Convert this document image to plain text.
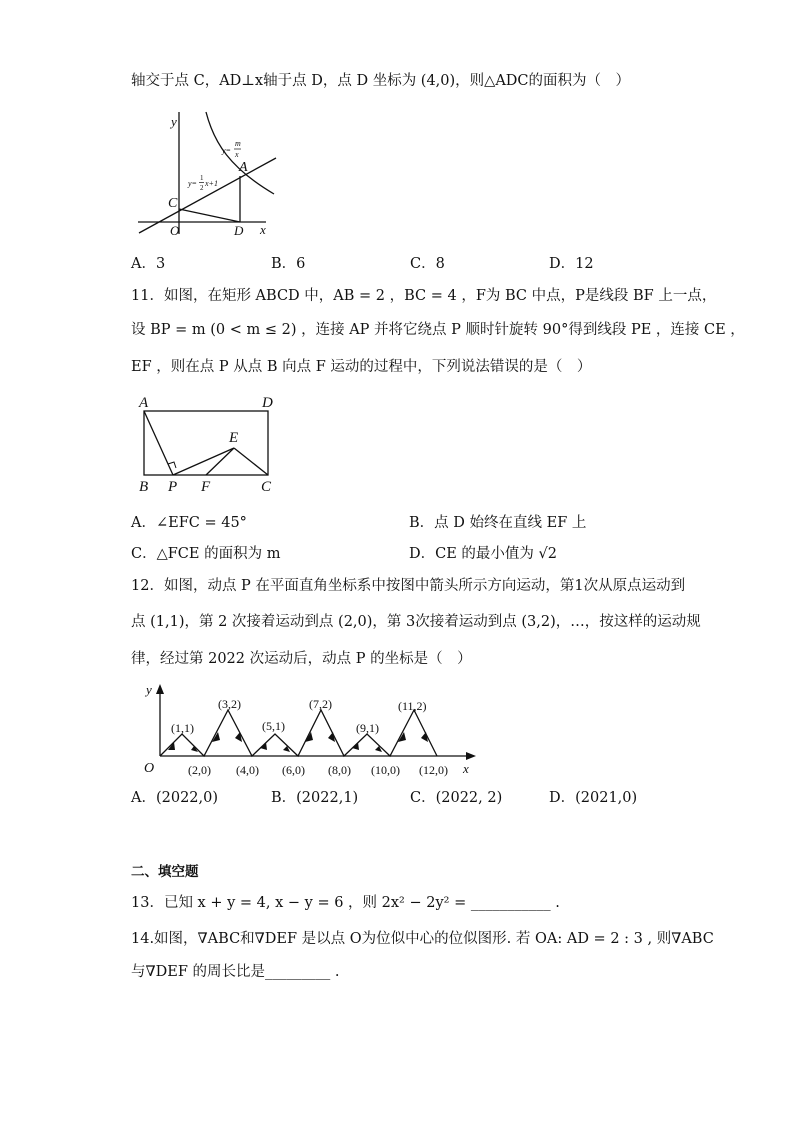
轴交于点 C，AD⊥x轴于点 D，点 D 坐标为 (4,0)，则△ADC的面积为（　）
y
x
O
C
D
A
y=
m
x
y=
1
2 x+1
A．3	B．6	C．8	D．12
11．如图，在矩形 ABCD 中，AB = 2 ，BC = 4 ，F为 BC 中点，P是线段 BF 上一点，
设 BP = m (0 < m ≤ 2) ，连接 AP 并将它绕点 P 顺时针旋转 90°得到线段 PE ，连接 CE ，
EF ，则在点 P 从点 B 向点 F 运动的过程中，下列说法错误的是（　）
A	D
E
B P F	C
A．∠EFC = 45°	B．点 D 始终在直线 EF 上
C．△FCE 的面积为 m	D．CE 的最小值为 √2
12．如图，动点 P 在平面直角坐标系中按图中箭头所示方向运动，第1次从原点运动到
点 (1,1)，第 2 次接着运动到点 (2,0)，第 3次接着运动到点 (3,2)，…，按这样的运动规
律，经过第 2022 次运动后，动点 P 的坐标是（　）
y
x
O
(1,1)
(3,2)
(5,1)
(7,2)
(9,1)
(11,2)
(2,0) (4,0) (6,0) (8,0) (10,0) (12,0)
A．(2022,0)	B．(2022,1)	C．(2022, 2)	D．(2021,0)
二、填空题
13．已知 x + y = 4, x − y = 6 ，则 2x² − 2y² = ___________ .
14.如图，∇ABC和∇DEF 是以点 O为位似中心的位似图形. 若 OA: AD = 2 : 3 , 则∇ABC
与∇DEF 的周长比是_________ .
